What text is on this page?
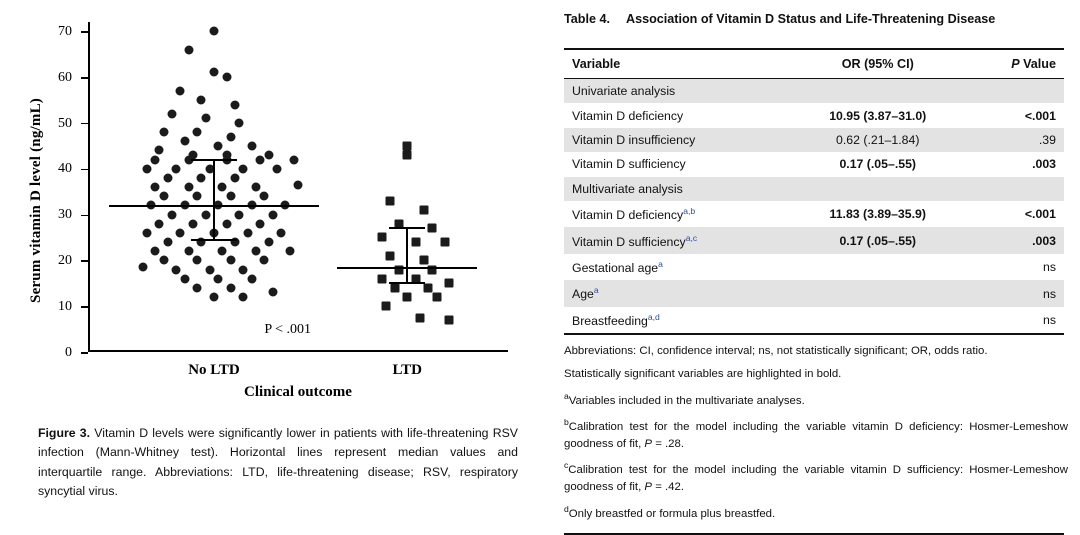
Serum vitamin D level (ng/mL)
0
10
20
30
40
50
60
70
No LTD	LTD
P < .001
Clinical outcome
Figure 3. Vitamin D levels were significantly lower in patients with life-threatening RSV infection (Mann-Whitney test). Horizontal lines represent median values and interquartile range. Abbreviations: LTD, life-threatening disease; RSV, respiratory syncytial virus.
Table 4. Association of Vitamin D Status and Life-Threatening Disease
Variable	OR (95% CI)	P Value
Univariate analysis		
Vitamin D deficiency	10.95 (3.87–31.0)	<.001
Vitamin D insufficiency	0.62 (.21–1.84)	.39
Vitamin D sufficiency	0.17 (.05–.55)	.003
Multivariate analysis		
Vitamin D deficiency$^{a,b}$	11.83 (3.89–35.9)	<.001
Vitamin D sufficiency$^{a,c}$	0.17 (.05–.55)	.003
Gestational age$^a$		ns
Age$^a$		ns
Breastfeeding$^{a,d}$		ns

Abbreviations: CI, confidence interval; ns, not statistically significant; OR, odds ratio.

Statistically significant variables are highlighted in bold.

$^a$Variables included in the multivariate analyses.

$^b$Calibration test for the model including the variable vitamin D deficiency: Hosmer-Lemeshow goodness of fit, P = .28.

$^c$Calibration test for the model including the variable vitamin D sufficiency: Hosmer-Lemeshow goodness of fit, P = .42.

$^d$Only breastfed or formula plus breastfed.
